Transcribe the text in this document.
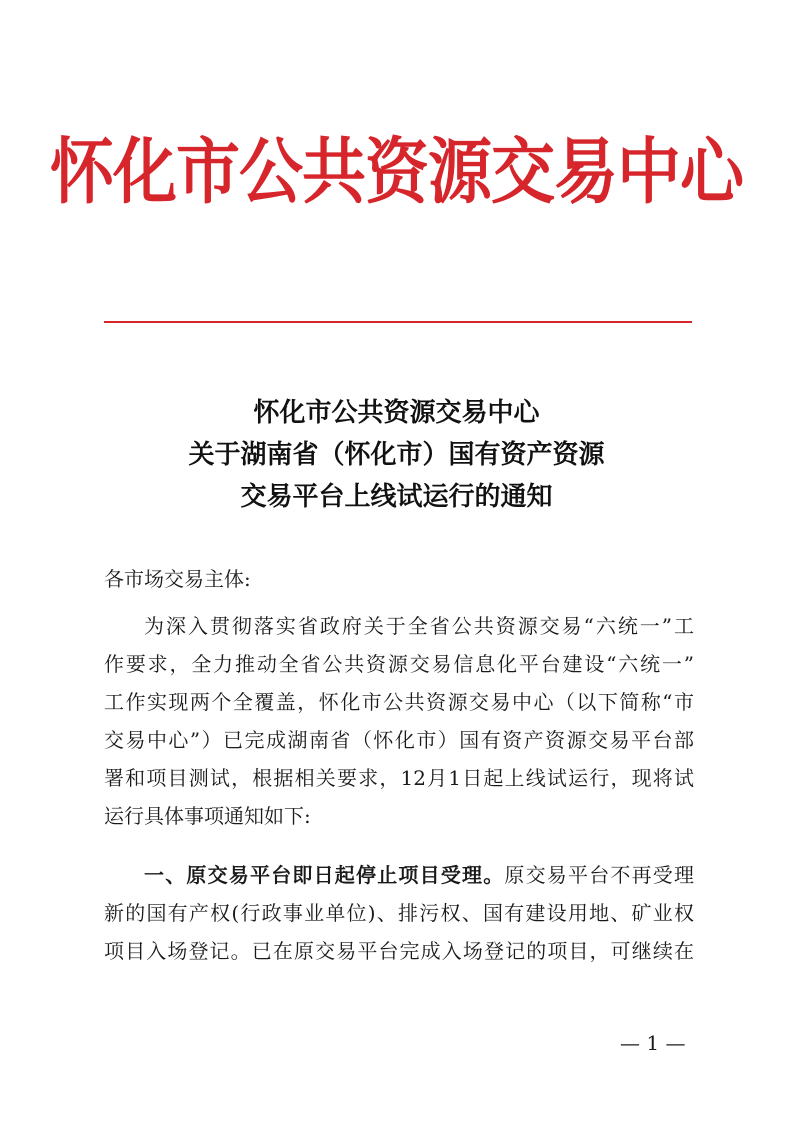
怀化市公共资源交易中心
怀化市公共资源交易中心
关于湖南省（怀化市）国有资产资源
交易平台上线试运行的通知
各市场交易主体:
为深入贯彻落实省政府关于全省公共资源交易“六统一”工
作要求，全力推动全省公共资源交易信息化平台建设“六统一”
工作实现两个全覆盖，怀化市公共资源交易中心（以下简称“市
交易中心”）已完成湖南省（怀化市）国有资产资源交易平台部
署和项目测试，根据相关要求，12月1日起上线试运行，现将试
运行具体事项通知如下:
一、原交易平台即日起停止项目受理。原交易平台不再受理
新的国有产权(行政事业单位)、排污权、国有建设用地、矿业权
项目入场登记。已在原交易平台完成入场登记的项目，可继续在
— 1 —
